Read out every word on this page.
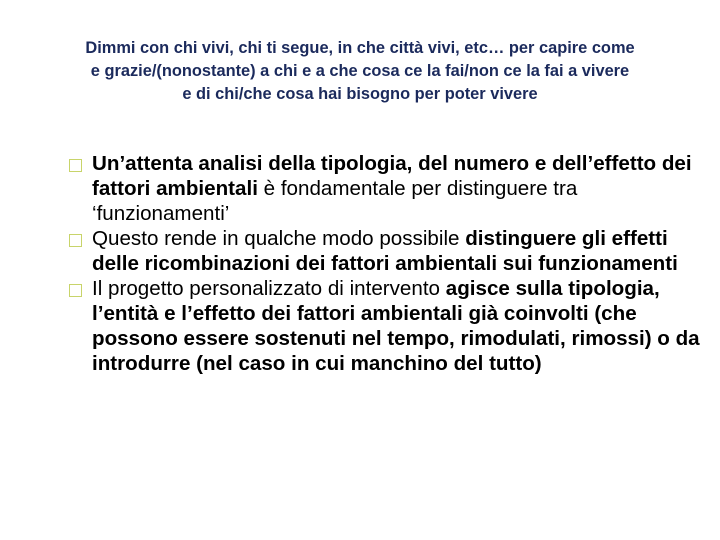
Dimmi con chi vivi, chi ti segue, in che città vivi, etc… per capire come
e grazie/(nonostante) a chi e a che cosa ce la fai/non ce la fai a vivere
e di chi/che cosa hai bisogno per poter vivere
Un’attenta analisi della tipologia, del numero e dell’effetto dei fattori ambientali è fondamentale per distinguere tra ‘funzionamenti’
Questo rende in qualche modo possibile distinguere gli effetti delle ricombinazioni dei fattori ambientali sui funzionamenti
Il progetto personalizzato di intervento agisce sulla tipologia, l’entità e l’effetto dei fattori ambientali già coinvolti (che possono essere sostenuti nel tempo, rimodulati, rimossi) o da introdurre (nel caso in cui manchino del tutto)
